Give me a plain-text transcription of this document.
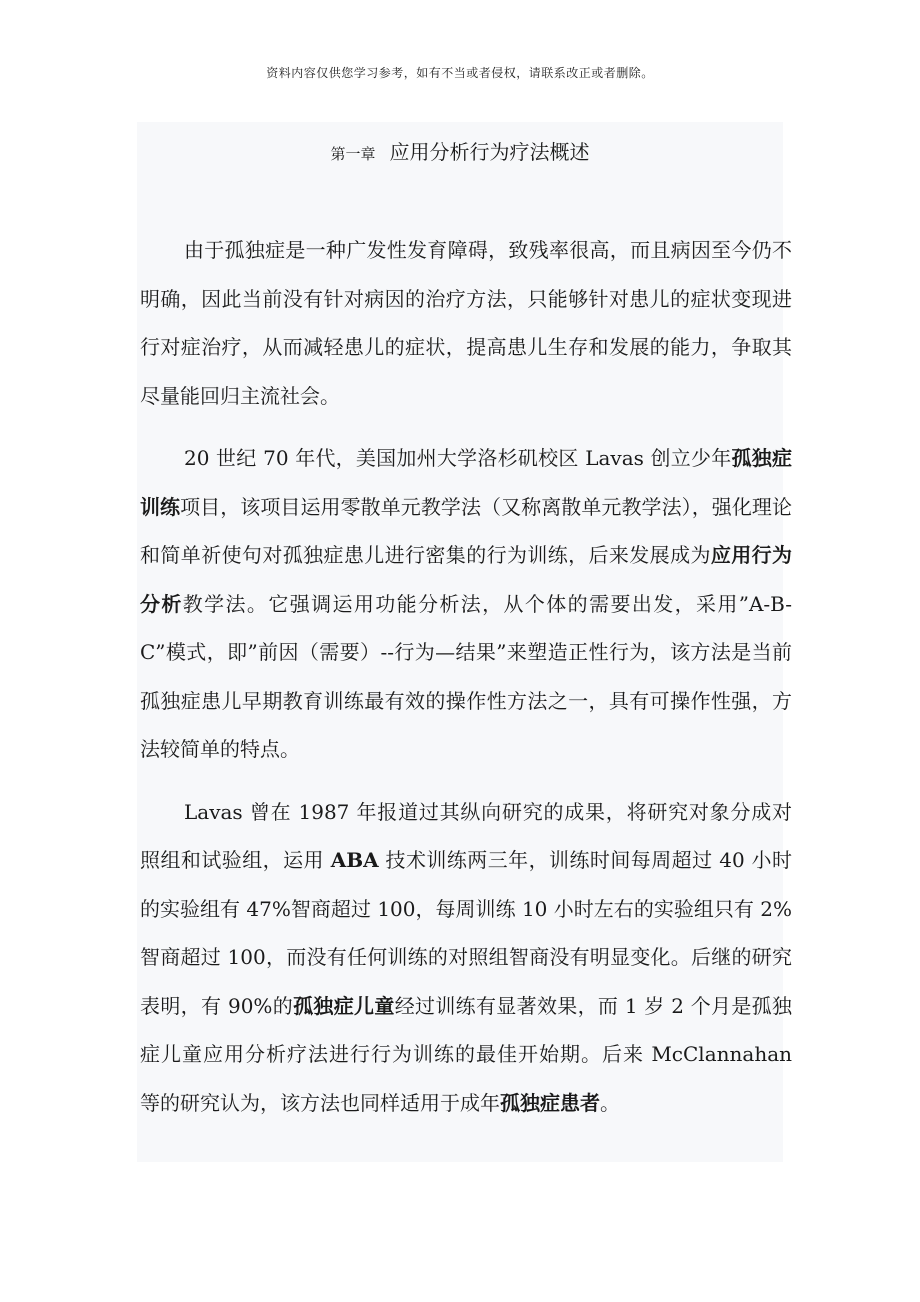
资料内容仅供您学习参考，如有不当或者侵权，请联系改正或者删除。
第一章 应用分析行为疗法概述

由于孤独症是一种广发性发育障碍，致残率很高，而且病因至今仍不明确，因此当前没有针对病因的治疗方法，只能够针对患儿的症状变现进行对症治疗，从而减轻患儿的症状，提高患儿生存和发展的能力，争取其尽量能回归主流社会。

20 世纪 70 年代，美国加州大学洛杉矶校区 Lavas 创立少年孤独症训练项目，该项目运用零散单元教学法（又称离散单元教学法），强化理论和简单祈使句对孤独症患儿进行密集的行为训练，后来发展成为应用行为分析教学法。它强调运用功能分析法，从个体的需要出发，采用”A-B-C”模式，即”前因（需要）--行为—结果”来塑造正性行为，该方法是当前孤独症患儿早期教育训练最有效的操作性方法之一，具有可操作性强，方法较简单的特点。

Lavas 曾在 1987 年报道过其纵向研究的成果，将研究对象分成对照组和试验组，运用 ABA 技术训练两三年，训练时间每周超过 40 小时的实验组有 47%智商超过 100，每周训练 10 小时左右的实验组只有 2%智商超过 100，而没有任何训练的对照组智商没有明显变化。后继的研究表明，有 90%的孤独症儿童经过训练有显著效果，而 1 岁 2 个月是孤独症儿童应用分析疗法进行行为训练的最佳开始期。后来 McClannahan 等的研究认为，该方法也同样适用于成年孤独症患者。
